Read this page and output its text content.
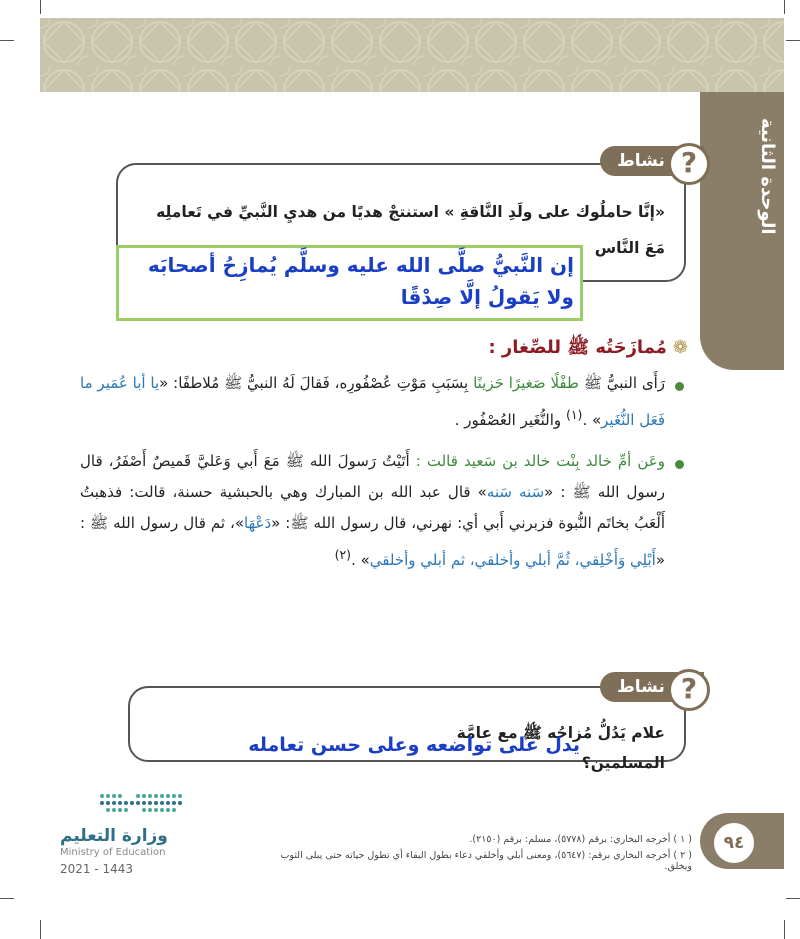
الوحدة الثانية
نشاط ١
?
«إنَّا حاملُوك على ولَدِ النَّاقةِ » استنتجْ هديًا من هديِ النَّبيِّ في تَعاملِه
مَعَ النَّاس
إن النَّبيُّ صلَّى الله عليه وسلَّم يُمازِحُ أصحابَه ولا يَقولُ إلَّا صِدْقًا
❁مُمازَحَتُه ﷺ للصِّغار :
رَأَى النبيُّ ﷺ طفْلًا صَغيرًا حَزينًا بِسَبَبِ مَوْتِ عُصْفُورِه، فَقالَ لَهُ النبيُّ ﷺ مُلاطفًا: «يا أبا عُمَير ما فَعَل النُّغَير» .$^{(١)}$ والنُّغَير العُصْفُور .
وعَن أمِّ خالد بِنْت خالد بن سَعيد قالت : أَتَيْتُ رَسولَ الله ﷺ مَعَ أَبي وَعَليَّ قَميصٌ أَصْفَرُ، قال رسول الله ﷺ : «سَنه سَنه» قال عبد الله بن المبارك وهي بالحبشية حسنة، قالت: فذهبتُ أَلْعَبُ بخاتَم النُّبوة فزبرني أَبي أي: نهرني، قال رسول الله ﷺ: «دَعْهَا»، ثم قال رسول الله ﷺ : «أَبْلِي وَأَخْلِقي، ثُمَّ أبلي وأخلقي، ثم أبلي وأخلقي» .$^{(٢)}$
نشاط ٢
?
علام يَدُلُّ مُزاحُه ﷺ مع عامَّة المسلمين؟
يدل على تواضعه وعلى حسن تعامله
وزارة التعليم
Ministry of Education
2021 - 1443
٩٤
( ١ ) أخرجه البخاري: برقم (٥٧٧٨)، مسلم: برقم (٢١٥٠).
( ٢ ) أخرجه البخاري برقم: (٥٦٤٧)، ومعنى أبلي وأخلقي دعاء بطول البقاء أي تطول حياته حتى يبلى الثوب ويخلق.
